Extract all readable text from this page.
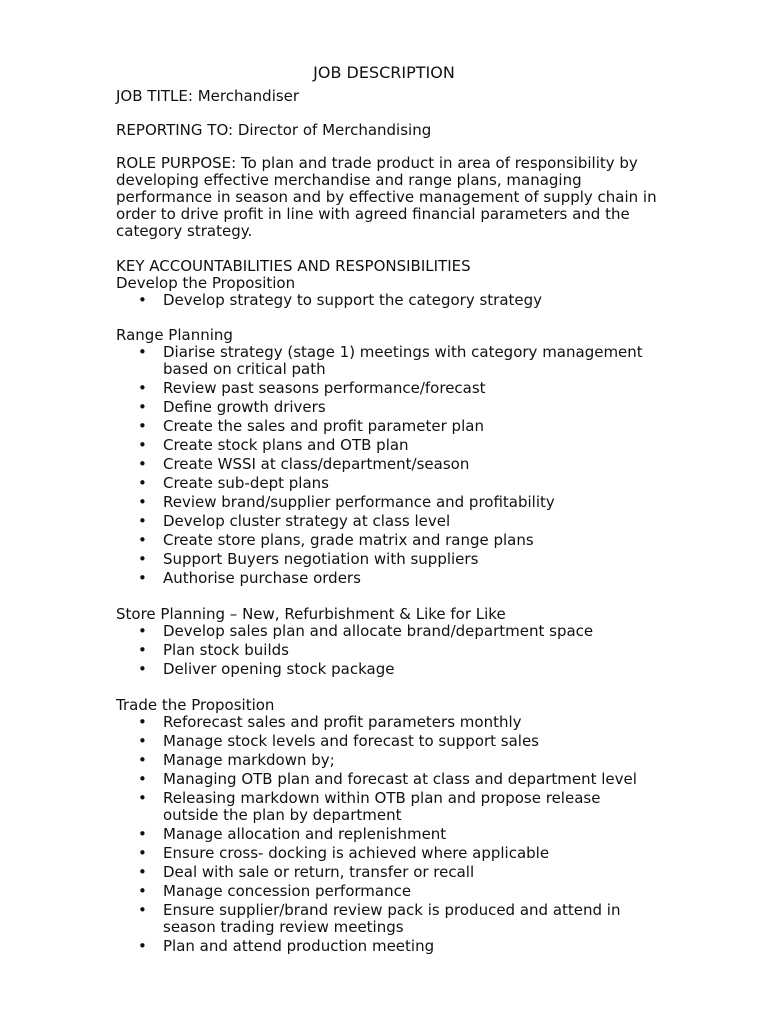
JOB DESCRIPTION
JOB TITLE: Merchandiser
REPORTING TO: Director of Merchandising
ROLE PURPOSE: To plan and trade product in area of responsibility by developing effective merchandise and range plans, managing performance in season and by effective management of supply chain in order to drive profit in line with agreed financial parameters and the category strategy.
KEY ACCOUNTABILITIES AND RESPONSIBILITIES
Develop the Proposition
• Develop strategy to support the category strategy
Range Planning
• Diarise strategy (stage 1) meetings with category management based on critical path
• Review past seasons performance/forecast
• Define growth drivers
• Create the sales and profit parameter plan
• Create stock plans and OTB plan
• Create WSSI at class/department/season
• Create sub-dept plans
• Review brand/supplier performance and profitability
• Develop cluster strategy at class level
• Create store plans, grade matrix and range plans
• Support Buyers negotiation with suppliers
• Authorise purchase orders
Store Planning – New, Refurbishment & Like for Like
• Develop sales plan and allocate brand/department space
• Plan stock builds
• Deliver opening stock package
Trade the Proposition
• Reforecast sales and profit parameters monthly
• Manage stock levels and forecast to support sales
• Manage markdown by;
• Managing OTB plan and forecast at class and department level
• Releasing markdown within OTB plan and propose release outside the plan by department
• Manage allocation and replenishment
• Ensure cross- docking is achieved where applicable
• Deal with sale or return, transfer or recall
• Manage concession performance
• Ensure supplier/brand review pack is produced and attend in season trading review meetings
• Plan and attend production meeting
